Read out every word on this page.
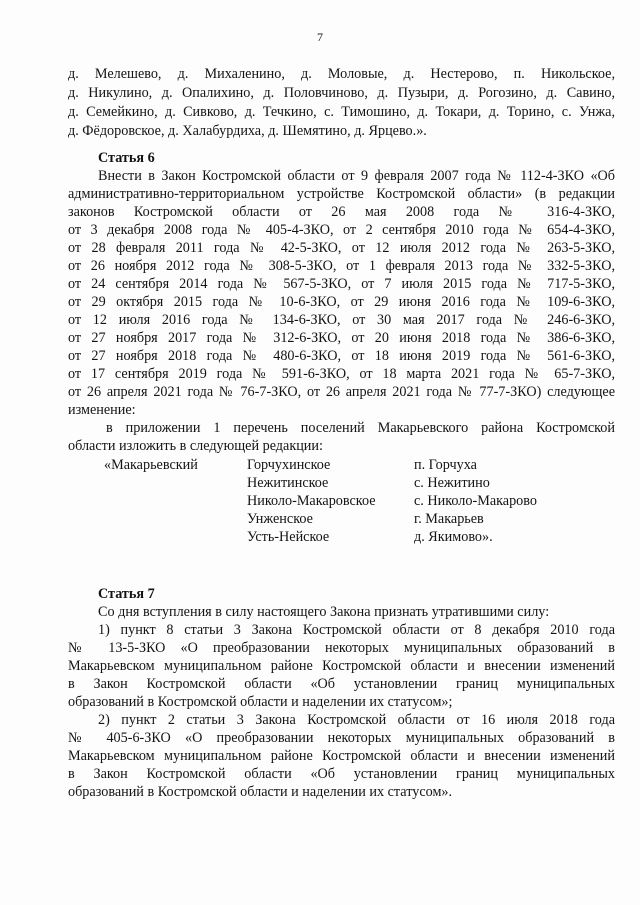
7
д. Мелешево, д. Михаленино, д. Моловые, д. Нестерово, п. Никольское,
д. Никулино, д. Опалихино, д. Половчиново, д. Пузыри, д. Рогозино, д. Савино,
д. Семейкино, д. Сивково, д. Течкино, с. Тимошино, д. Токари, д. Торино, с. Унжа,
д. Фёдоровское, д. Халабурдиха, д. Шемятино, д. Ярцево.».
Статья 6
Внести в Закон Костромской области от 9 февраля 2007 года № 112-4-ЗКО «Об
административно-территориальном устройстве Костромской области» (в редакции
законов Костромской области от 26 мая 2008 года № 316-4-ЗКО,
от 3 декабря 2008 года № 405-4-ЗКО, от 2 сентября 2010 года № 654-4-ЗКО,
от 28 февраля 2011 года № 42-5-ЗКО, от 12 июля 2012 года № 263-5-ЗКО,
от 26 ноября 2012 года № 308-5-ЗКО, от 1 февраля 2013 года № 332-5-ЗКО,
от 24 сентября 2014 года № 567-5-ЗКО, от 7 июля 2015 года № 717-5-ЗКО,
от 29 октября 2015 года № 10-6-ЗКО, от 29 июня 2016 года № 109-6-ЗКО,
от 12 июля 2016 года № 134-6-ЗКО, от 30 мая 2017 года № 246-6-ЗКО,
от 27 ноября 2017 года № 312-6-ЗКО, от 20 июня 2018 года № 386-6-ЗКО,
от 27 ноября 2018 года № 480-6-ЗКО, от 18 июня 2019 года № 561-6-ЗКО,
от 17 сентября 2019 года № 591-6-ЗКО, от 18 марта 2021 года № 65-7-ЗКО,
от 26 апреля 2021 года № 76-7-ЗКО, от 26 апреля 2021 года № 77-7-ЗКО) следующее
изменение:
в приложении 1 перечень поселений Макарьевского района Костромской
области изложить в следующей редакции:
«Макарьевский	Горчухинское	п. Горчуха
Нежитинское	с. Нежитино
Николо-Макаровское	с. Николо-Макарово
Унженское	г. Макарьев
Усть-Нейское	д. Якимово».
Статья 7
Со дня вступления в силу настоящего Закона признать утратившими силу:
1) пункт 8 статьи 3 Закона Костромской области от 8 декабря 2010 года
№ 13-5-ЗКО «О преобразовании некоторых муниципальных образований в
Макарьевском муниципальном районе Костромской области и внесении изменений
в Закон Костромской области «Об установлении границ муниципальных
образований в Костромской области и наделении их статусом»;
2) пункт 2 статьи 3 Закона Костромской области от 16 июля 2018 года
№ 405-6-ЗКО «О преобразовании некоторых муниципальных образований в
Макарьевском муниципальном районе Костромской области и внесении изменений
в Закон Костромской области «Об установлении границ муниципальных
образований в Костромской области и наделении их статусом».
